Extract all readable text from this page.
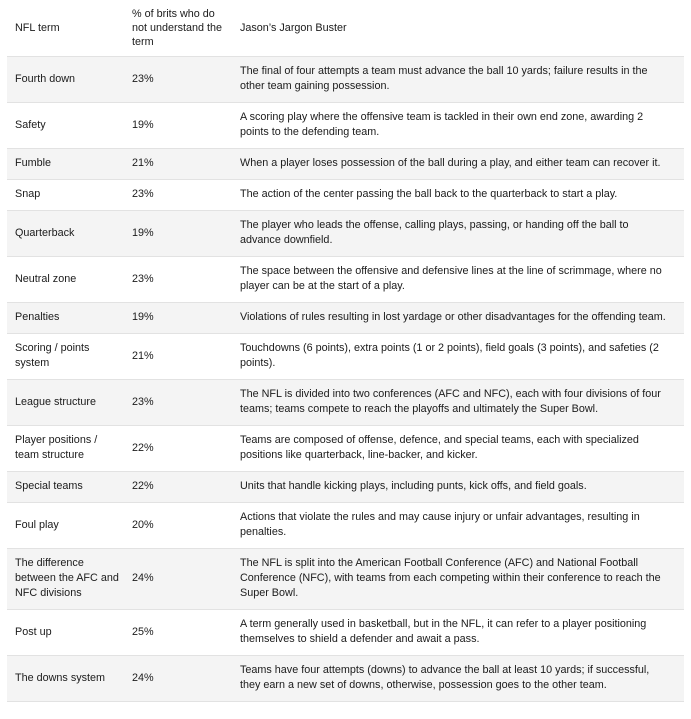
NFL term	% of brits who do not understand the term	Jason’s Jargon Buster
Fourth down	23%	The final of four attempts a team must advance the ball 10 yards; failure results in the other team gaining possession.
Safety	19%	A scoring play where the offensive team is tackled in their own end zone, awarding 2 points to the defending team.
Fumble	21%	When a player loses possession of the ball during a play, and either team can recover it.
Snap	23%	The action of the center passing the ball back to the quarterback to start a play.
Quarterback	19%	The player who leads the offense, calling plays, passing, or handing off the ball to advance downfield.
Neutral zone	23%	The space between the offensive and defensive lines at the line of scrimmage, where no player can be at the start of a play.
Penalties	19%	Violations of rules resulting in lost yardage or other disadvantages for the offending team.
Scoring / points system	21%	Touchdowns (6 points), extra points (1 or 2 points), field goals (3 points), and safeties (2 points).
League structure	23%	The NFL is divided into two conferences (AFC and NFC), each with four divisions of four teams; teams compete to reach the playoffs and ultimately the Super Bowl.
Player positions / team structure	22%	Teams are composed of offense, defence, and special teams, each with specialized positions like quarterback, line-backer, and kicker.
Special teams	22%	Units that handle kicking plays, including punts, kick offs, and field goals.
Foul play	20%	Actions that violate the rules and may cause injury or unfair advantages, resulting in penalties.
The difference between the AFC and NFC divisions	24%	The NFL is split into the American Football Conference (AFC) and National Football Conference (NFC), with teams from each competing within their conference to reach the Super Bowl.
Post up	25%	A term generally used in basketball, but in the NFL, it can refer to a player positioning themselves to shield a defender and await a pass.
The downs system	24%	Teams have four attempts (downs) to advance the ball at least 10 yards; if successful, they earn a new set of downs, otherwise, possession goes to the other team.
